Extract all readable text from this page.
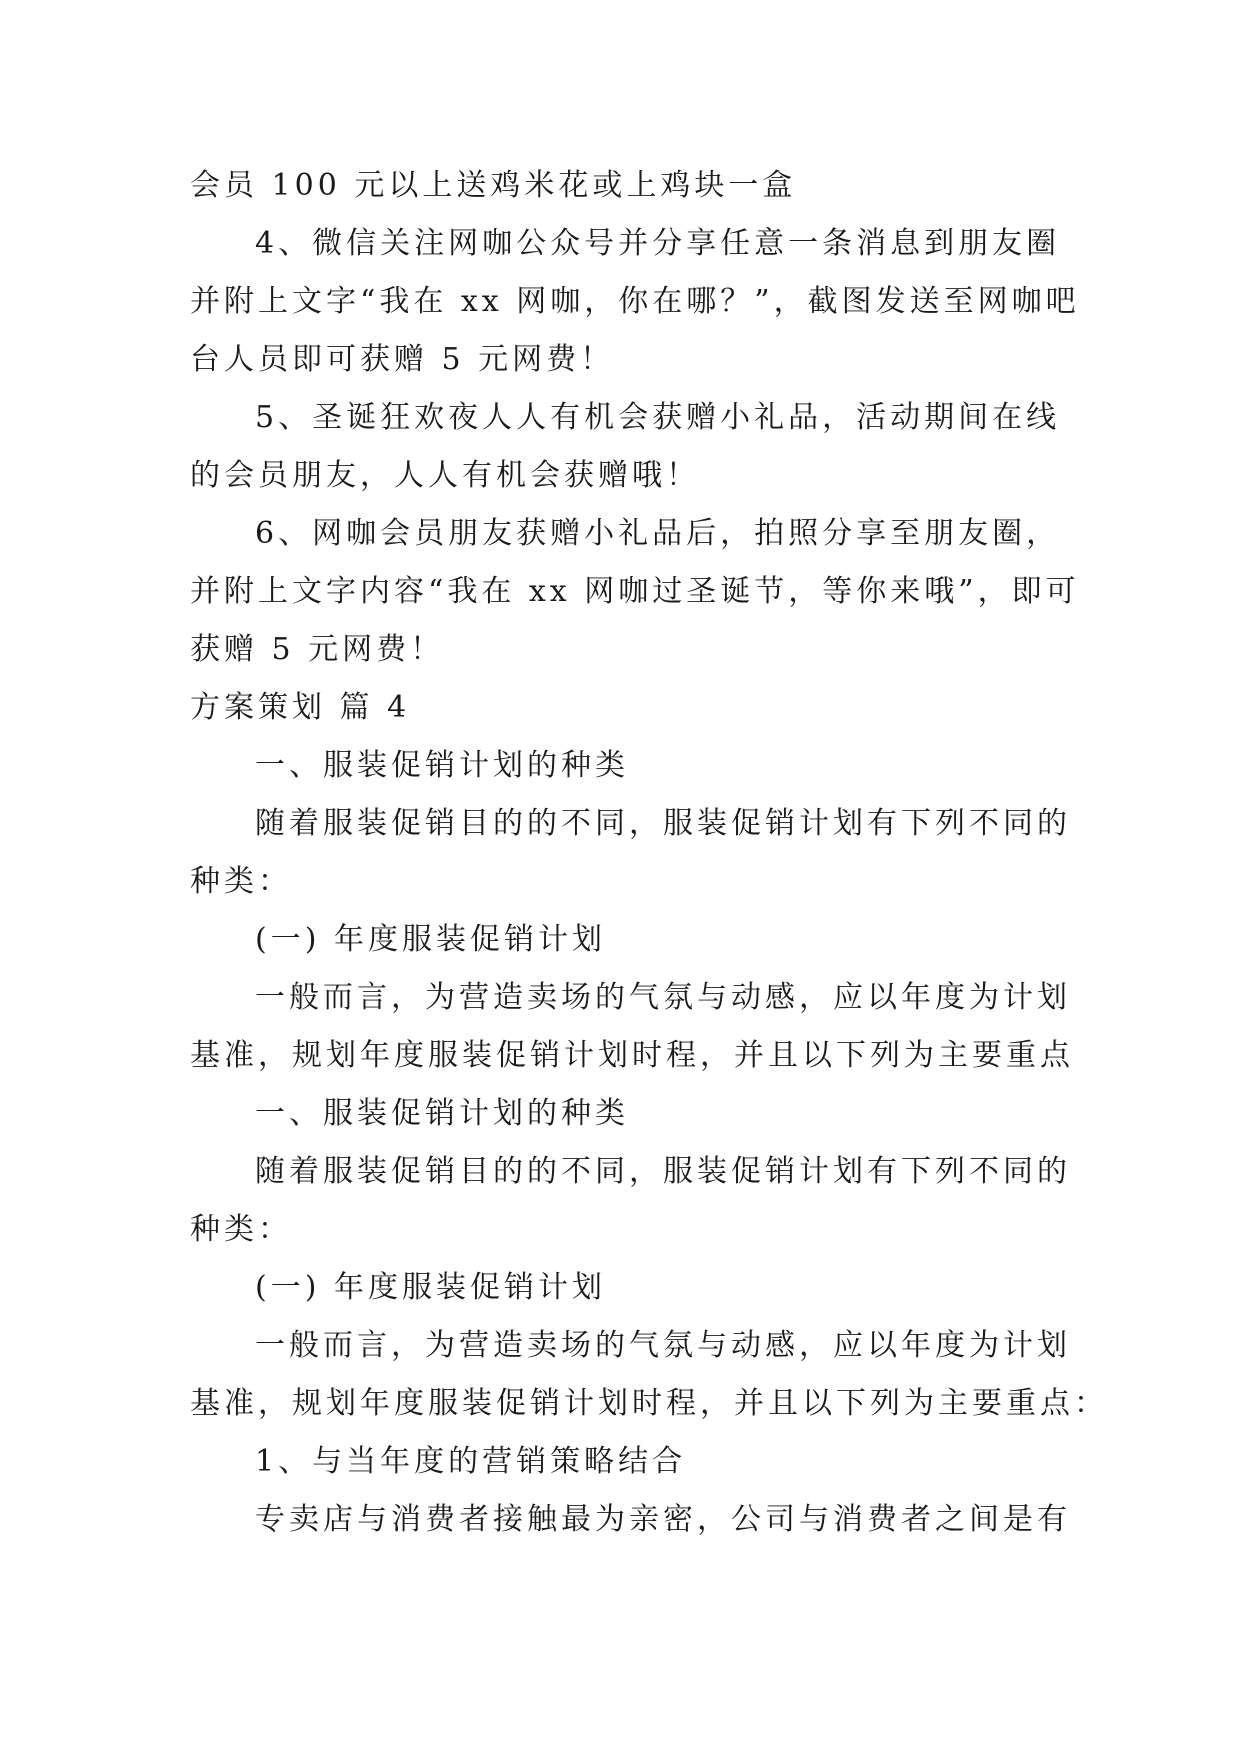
会员 100 元以上送鸡米花或上鸡块一盒
4、微信关注网咖公众号并分享任意一条消息到朋友圈
并附上文字“我在 xx 网咖，你在哪？”，截图发送至网咖吧
台人员即可获赠 5 元网费！
5、圣诞狂欢夜人人有机会获赠小礼品，活动期间在线
的会员朋友，人人有机会获赠哦！
6、网咖会员朋友获赠小礼品后，拍照分享至朋友圈，
并附上文字内容“我在 xx 网咖过圣诞节，等你来哦”，即可
获赠 5 元网费！
方案策划 篇 4
一、服装促销计划的种类
随着服装促销目的的不同，服装促销计划有下列不同的
种类：
(一) 年度服装促销计划
一般而言，为营造卖场的气氛与动感，应以年度为计划
基准，规划年度服装促销计划时程，并且以下列为主要重点
一、服装促销计划的种类
随着服装促销目的的不同，服装促销计划有下列不同的
种类：
(一) 年度服装促销计划
一般而言，为营造卖场的气氛与动感，应以年度为计划
基准，规划年度服装促销计划时程，并且以下列为主要重点：
1、与当年度的营销策略结合
专卖店与消费者接触最为亲密，公司与消费者之间是有
